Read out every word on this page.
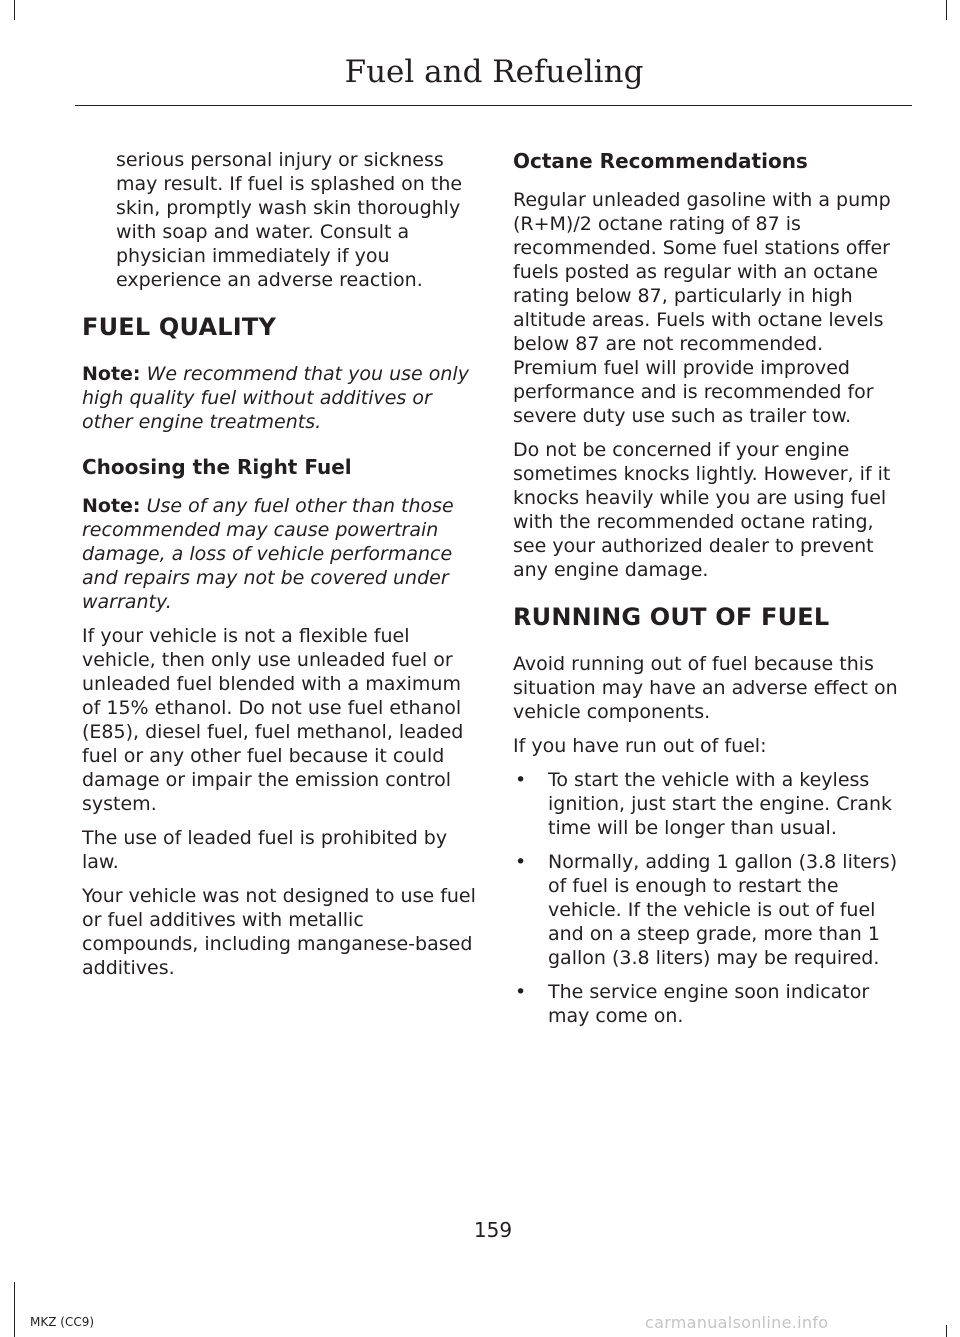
Fuel and Refueling

serious personal injury or sickness may result. If fuel is splashed on the skin, promptly wash skin thoroughly with soap and water. Consult a physician immediately if you experience an adverse reaction.

FUEL QUALITY

Note: We recommend that you use only high quality fuel without additives or other engine treatments.

Choosing the Right Fuel

Note: Use of any fuel other than those recommended may cause powertrain damage, a loss of vehicle performance and repairs may not be covered under warranty.

If your vehicle is not a flexible fuel vehicle, then only use unleaded fuel or unleaded fuel blended with a maximum of 15% ethanol. Do not use fuel ethanol (E85), diesel fuel, fuel methanol, leaded fuel or any other fuel because it could damage or impair the emission control system.

The use of leaded fuel is prohibited by law.

Your vehicle was not designed to use fuel or fuel additives with metallic compounds, including manganese-based additives.

Octane Recommendations

Regular unleaded gasoline with a pump (R+M)/2 octane rating of 87 is recommended. Some fuel stations offer fuels posted as regular with an octane rating below 87, particularly in high altitude areas. Fuels with octane levels below 87 are not recommended. Premium fuel will provide improved performance and is recommended for severe duty use such as trailer tow.

Do not be concerned if your engine sometimes knocks lightly. However, if it knocks heavily while you are using fuel with the recommended octane rating, see your authorized dealer to prevent any engine damage.

RUNNING OUT OF FUEL

Avoid running out of fuel because this situation may have an adverse effect on vehicle components.

If you have run out of fuel:

• To start the vehicle with a keyless ignition, just start the engine. Crank time will be longer than usual.
• Normally, adding 1 gallon (3.8 liters) of fuel is enough to restart the vehicle. If the vehicle is out of fuel and on a steep grade, more than 1 gallon (3.8 liters) may be required.
• The service engine soon indicator may come on.
159
MKZ (CC9)	carmanualsonline.info
